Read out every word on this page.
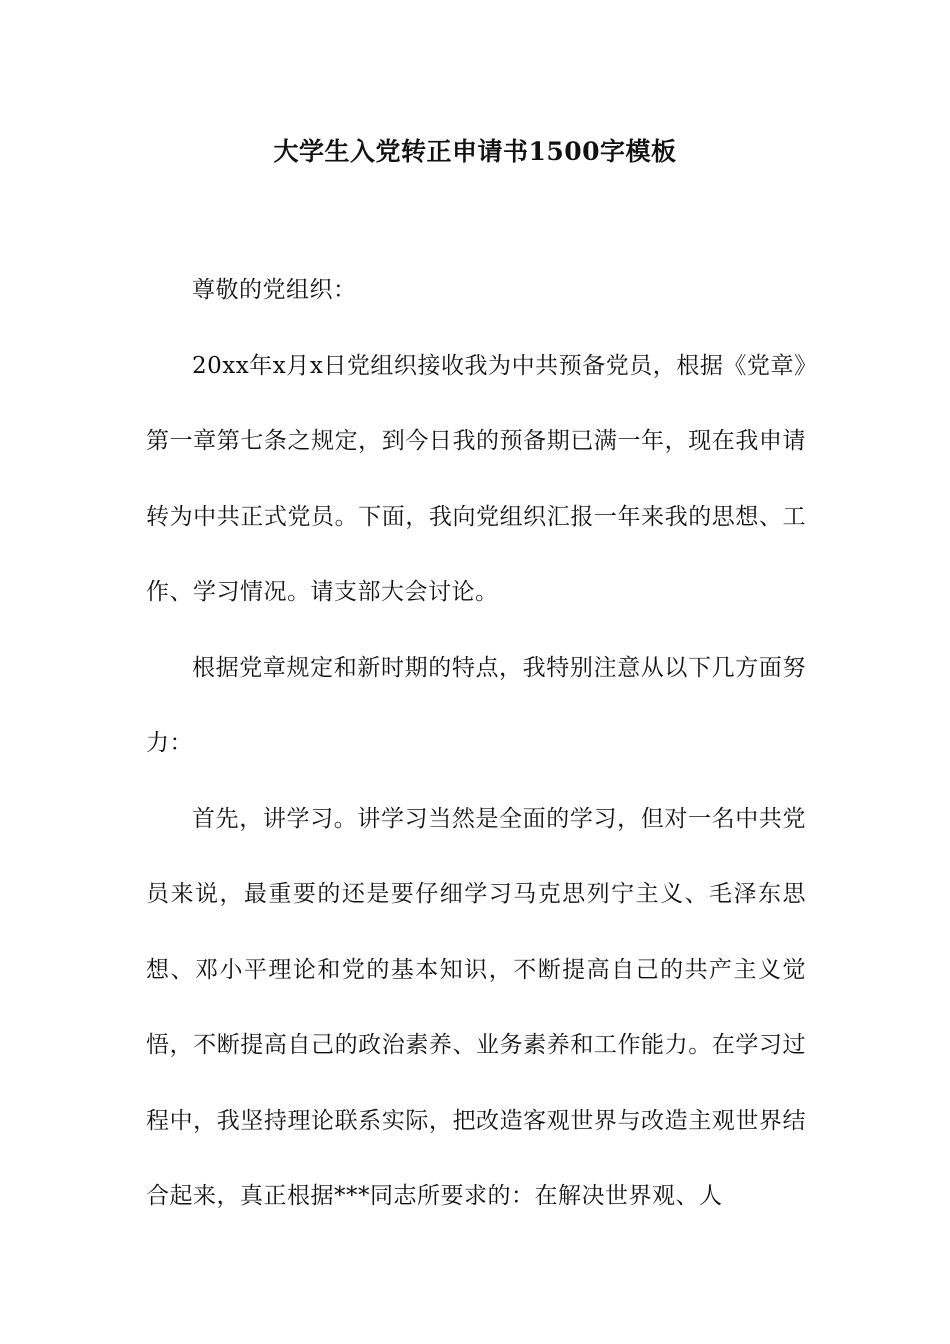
大学生入党转正申请书1500字模板

尊敬的党组织：

20xx年x月x日党组织接收我为中共预备党员，根据《党章》第一章第七条之规定，到今日我的预备期已满一年，现在我申请转为中共正式党员。下面，我向党组织汇报一年来我的思想、工作、学习情况。请支部大会讨论。

根据党章规定和新时期的特点，我特别注意从以下几方面努力：

首先，讲学习。讲学习当然是全面的学习，但对一名中共党员来说，最重要的还是要仔细学习马克思列宁主义、毛泽东思想、邓小平理论和党的基本知识，不断提高自己的共产主义觉悟，不断提高自己的政治素养、业务素养和工作能力。在学习过程中，我坚持理论联系实际，把改造客观世界与改造主观世界结合起来，真正根据***同志所要求的：在解决世界观、人
